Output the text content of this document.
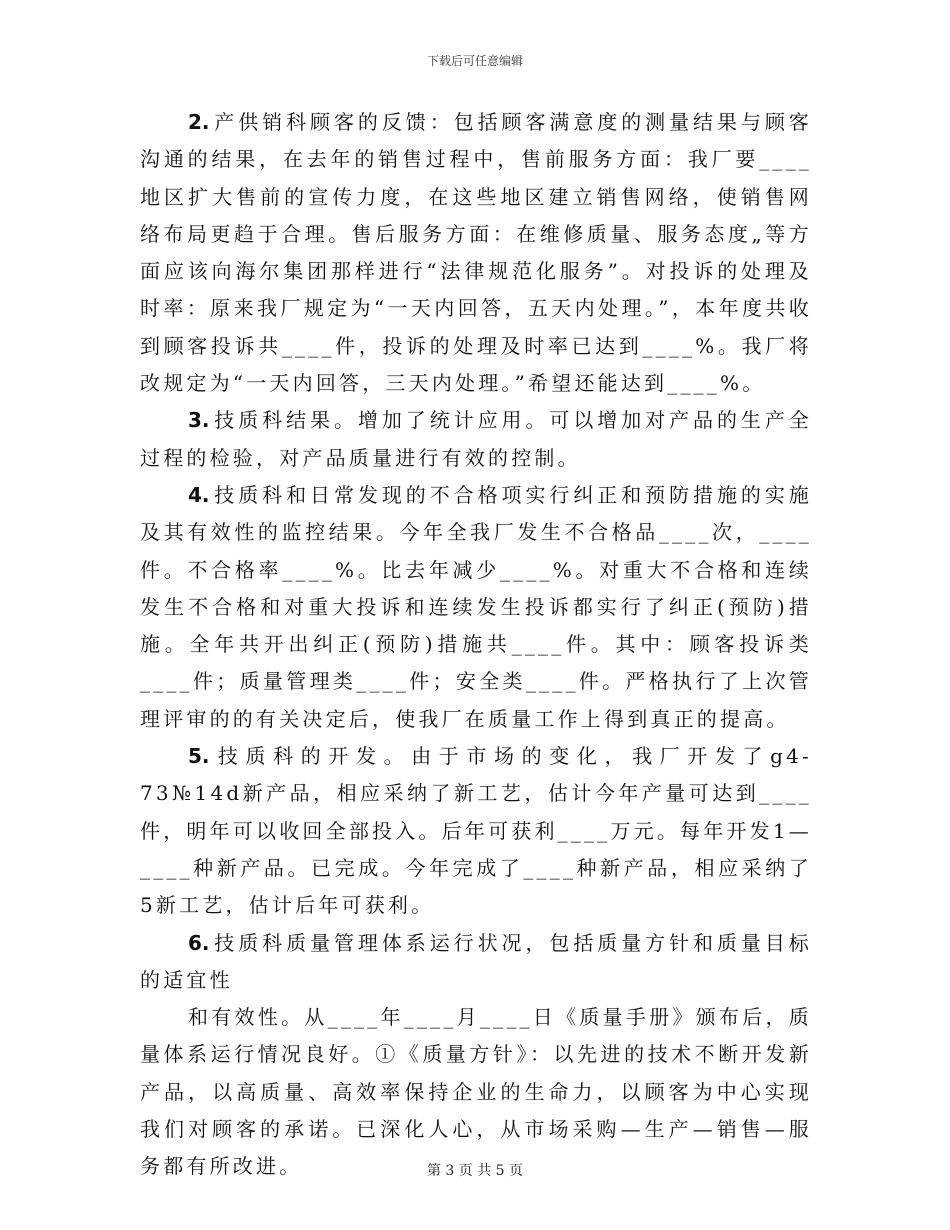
下载后可任意编辑

2. 产供销科顾客的反馈：包括顾客满意度的测量结果与顾客沟通的结果，在去年的销售过程中，售前服务方面：我厂要____地区扩大售前的宣传力度，在这些地区建立销售网络，使销售网络布局更趋于合理。售后服务方面：在维修质量、服务态度„等方面应该向海尔集团那样进行“法律规范化服务”。对投诉的处理及时率：原来我厂规定为“一天内回答，五天内处理。”，本年度共收到顾客投诉共____件，投诉的处理及时率已达到____%。我厂将改规定为“一天内回答，三天内处理。”希望还能达到____%。

3. 技质科结果。增加了统计应用。可以增加对产品的生产全过程的检验，对产品质量进行有效的控制。

4. 技质科和日常发现的不合格项实行纠正和预防措施的实施及其有效性的监控结果。今年全我厂发生不合格品____次，____件。不合格率____%。比去年减少____%。对重大不合格和连续发生不合格和对重大投诉和连续发生投诉都实行了纠正(预防)措施。全年共开出纠正(预防)措施共____件。其中：顾客投诉类____件；质量管理类____件；安全类____件。严格执行了上次管理评审的的有关决定后，使我厂在质量工作上得到真正的提高。

5. 技质科的开发。由于市场的变化，我厂开发了g4-73№14d新产品，相应采纳了新工艺，估计今年产量可达到____件，明年可以收回全部投入。后年可获利____万元。每年开发1—____种新产品。已完成。今年完成了____种新产品，相应采纳了5新工艺，估计后年可获利。

6. 技质科质量管理体系运行状况，包括质量方针和质量目标的适宜性

和有效性。从____年____月____日《质量手册》颁布后，质量体系运行情况良好。①《质量方针》：以先进的技术不断开发新产品，以高质量、高效率保持企业的生命力，以顾客为中心实现我们对顾客的承诺。已深化人心，从市场采购—生产—销售—服务都有所改进。	第 3 页 共 5 页
